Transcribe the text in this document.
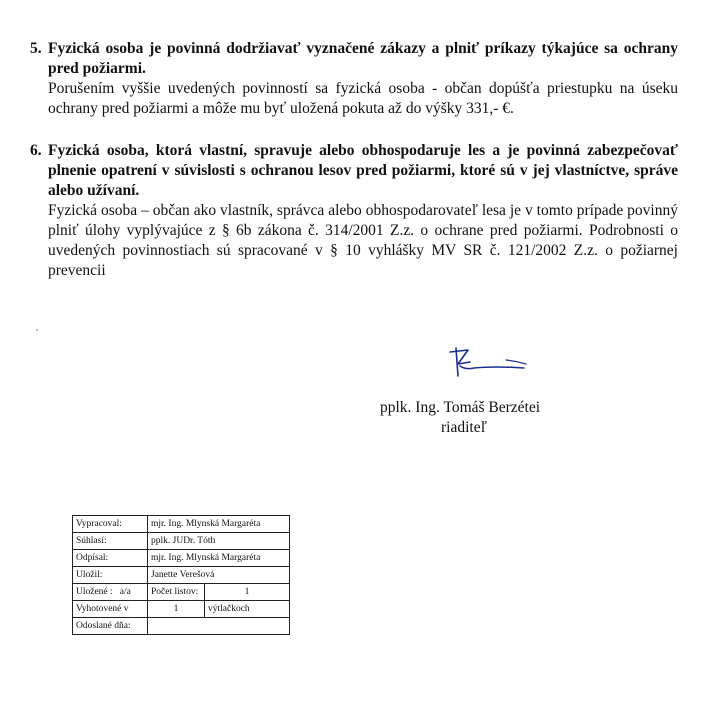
5. Fyzická osoba je povinná dodržiavať vyznačené zákazy a plniť príkazy týkajúce sa ochrany pred požiarmi.
Porušením vyššie uvedených povinností sa fyzická osoba - občan dopúšťa priestupku na úseku ochrany pred požiarmi a môže mu byť uložená pokuta až do výšky 331,- €.
6. Fyzická osoba, ktorá vlastní, spravuje alebo obhospodaruje les a je povinná zabezpečovať plnenie opatrení v súvislosti s ochranou lesov pred požiarmi, ktoré sú v jej vlastníctve, správe alebo užívaní.
Fyzická osoba – občan ako vlastník, správca alebo obhospodarovateľ lesa je v tomto prípade povinný plniť úlohy vyplývajúce z § 6b zákona č. 314/2001 Z.z. o ochrane pred požiarmi. Podrobnosti o uvedených povinnostiach sú spracované v § 10 vyhlášky MV SR č. 121/2002 Z.z. o požiarnej prevencii
pplk. Ing. Tomáš Berzétei
riaditeľ
Vypracoval:	mjr. Ing. Mlynská Margaréta	
Súhlasí:	pplk. JUDr. Tóth	
Odpísal:	mjr. Ing. Mlynská Margaréta	
Uložil:	Janette Verešová	
Uložené : a/a	Počet listov:	1
Vyhotovené v	1	výtlačkoch
Odoslané dňa:		
